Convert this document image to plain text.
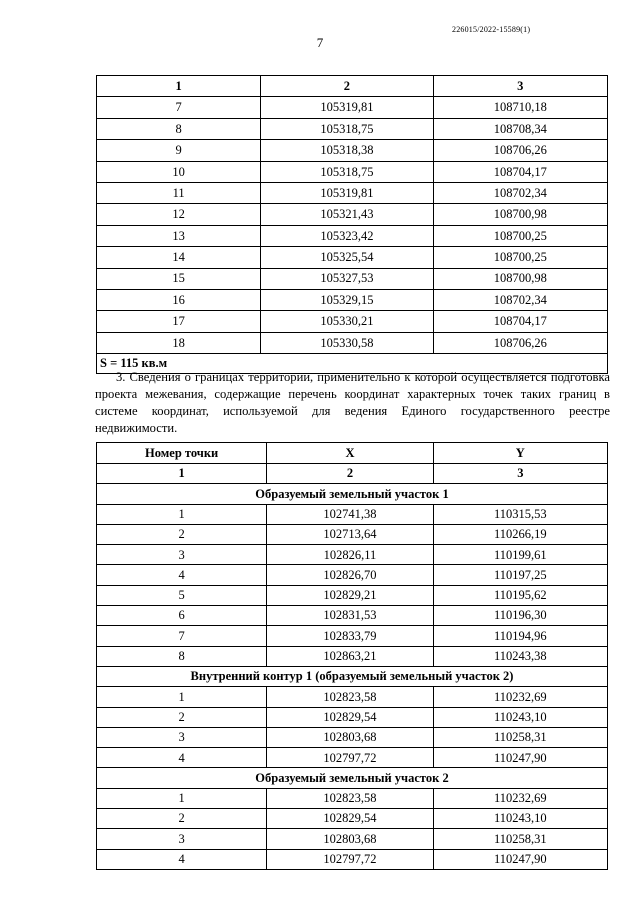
226015/2022-15589(1)
7
1	2	3
7	105319,81	108710,18
8	105318,75	108708,34
9	105318,38	108706,26
10	105318,75	108704,17
11	105319,81	108702,34
12	105321,43	108700,98
13	105323,42	108700,25
14	105325,54	108700,25
15	105327,53	108700,98
16	105329,15	108702,34
17	105330,21	108704,17
18	105330,58	108706,26
S = 115 кв.м		
3. Сведения о границах территории, применительно к которой осуществляется подготовка проекта межевания, содержащие перечень координат характерных точек таких границ в системе координат, используемой для ведения Единого государственного реестре недвижимости.
Номер точки	X	Y
1	2	3
Образуемый земельный участок 1		
1	102741,38	110315,53
2	102713,64	110266,19
3	102826,11	110199,61
4	102826,70	110197,25
5	102829,21	110195,62
6	102831,53	110196,30
7	102833,79	110194,96
8	102863,21	110243,38
Внутренний контур 1 (образуемый земельный участок 2)		
1	102823,58	110232,69
2	102829,54	110243,10
3	102803,68	110258,31
4	102797,72	110247,90
Образуемый земельный участок 2		
1	102823,58	110232,69
2	102829,54	110243,10
3	102803,68	110258,31
4	102797,72	110247,90
